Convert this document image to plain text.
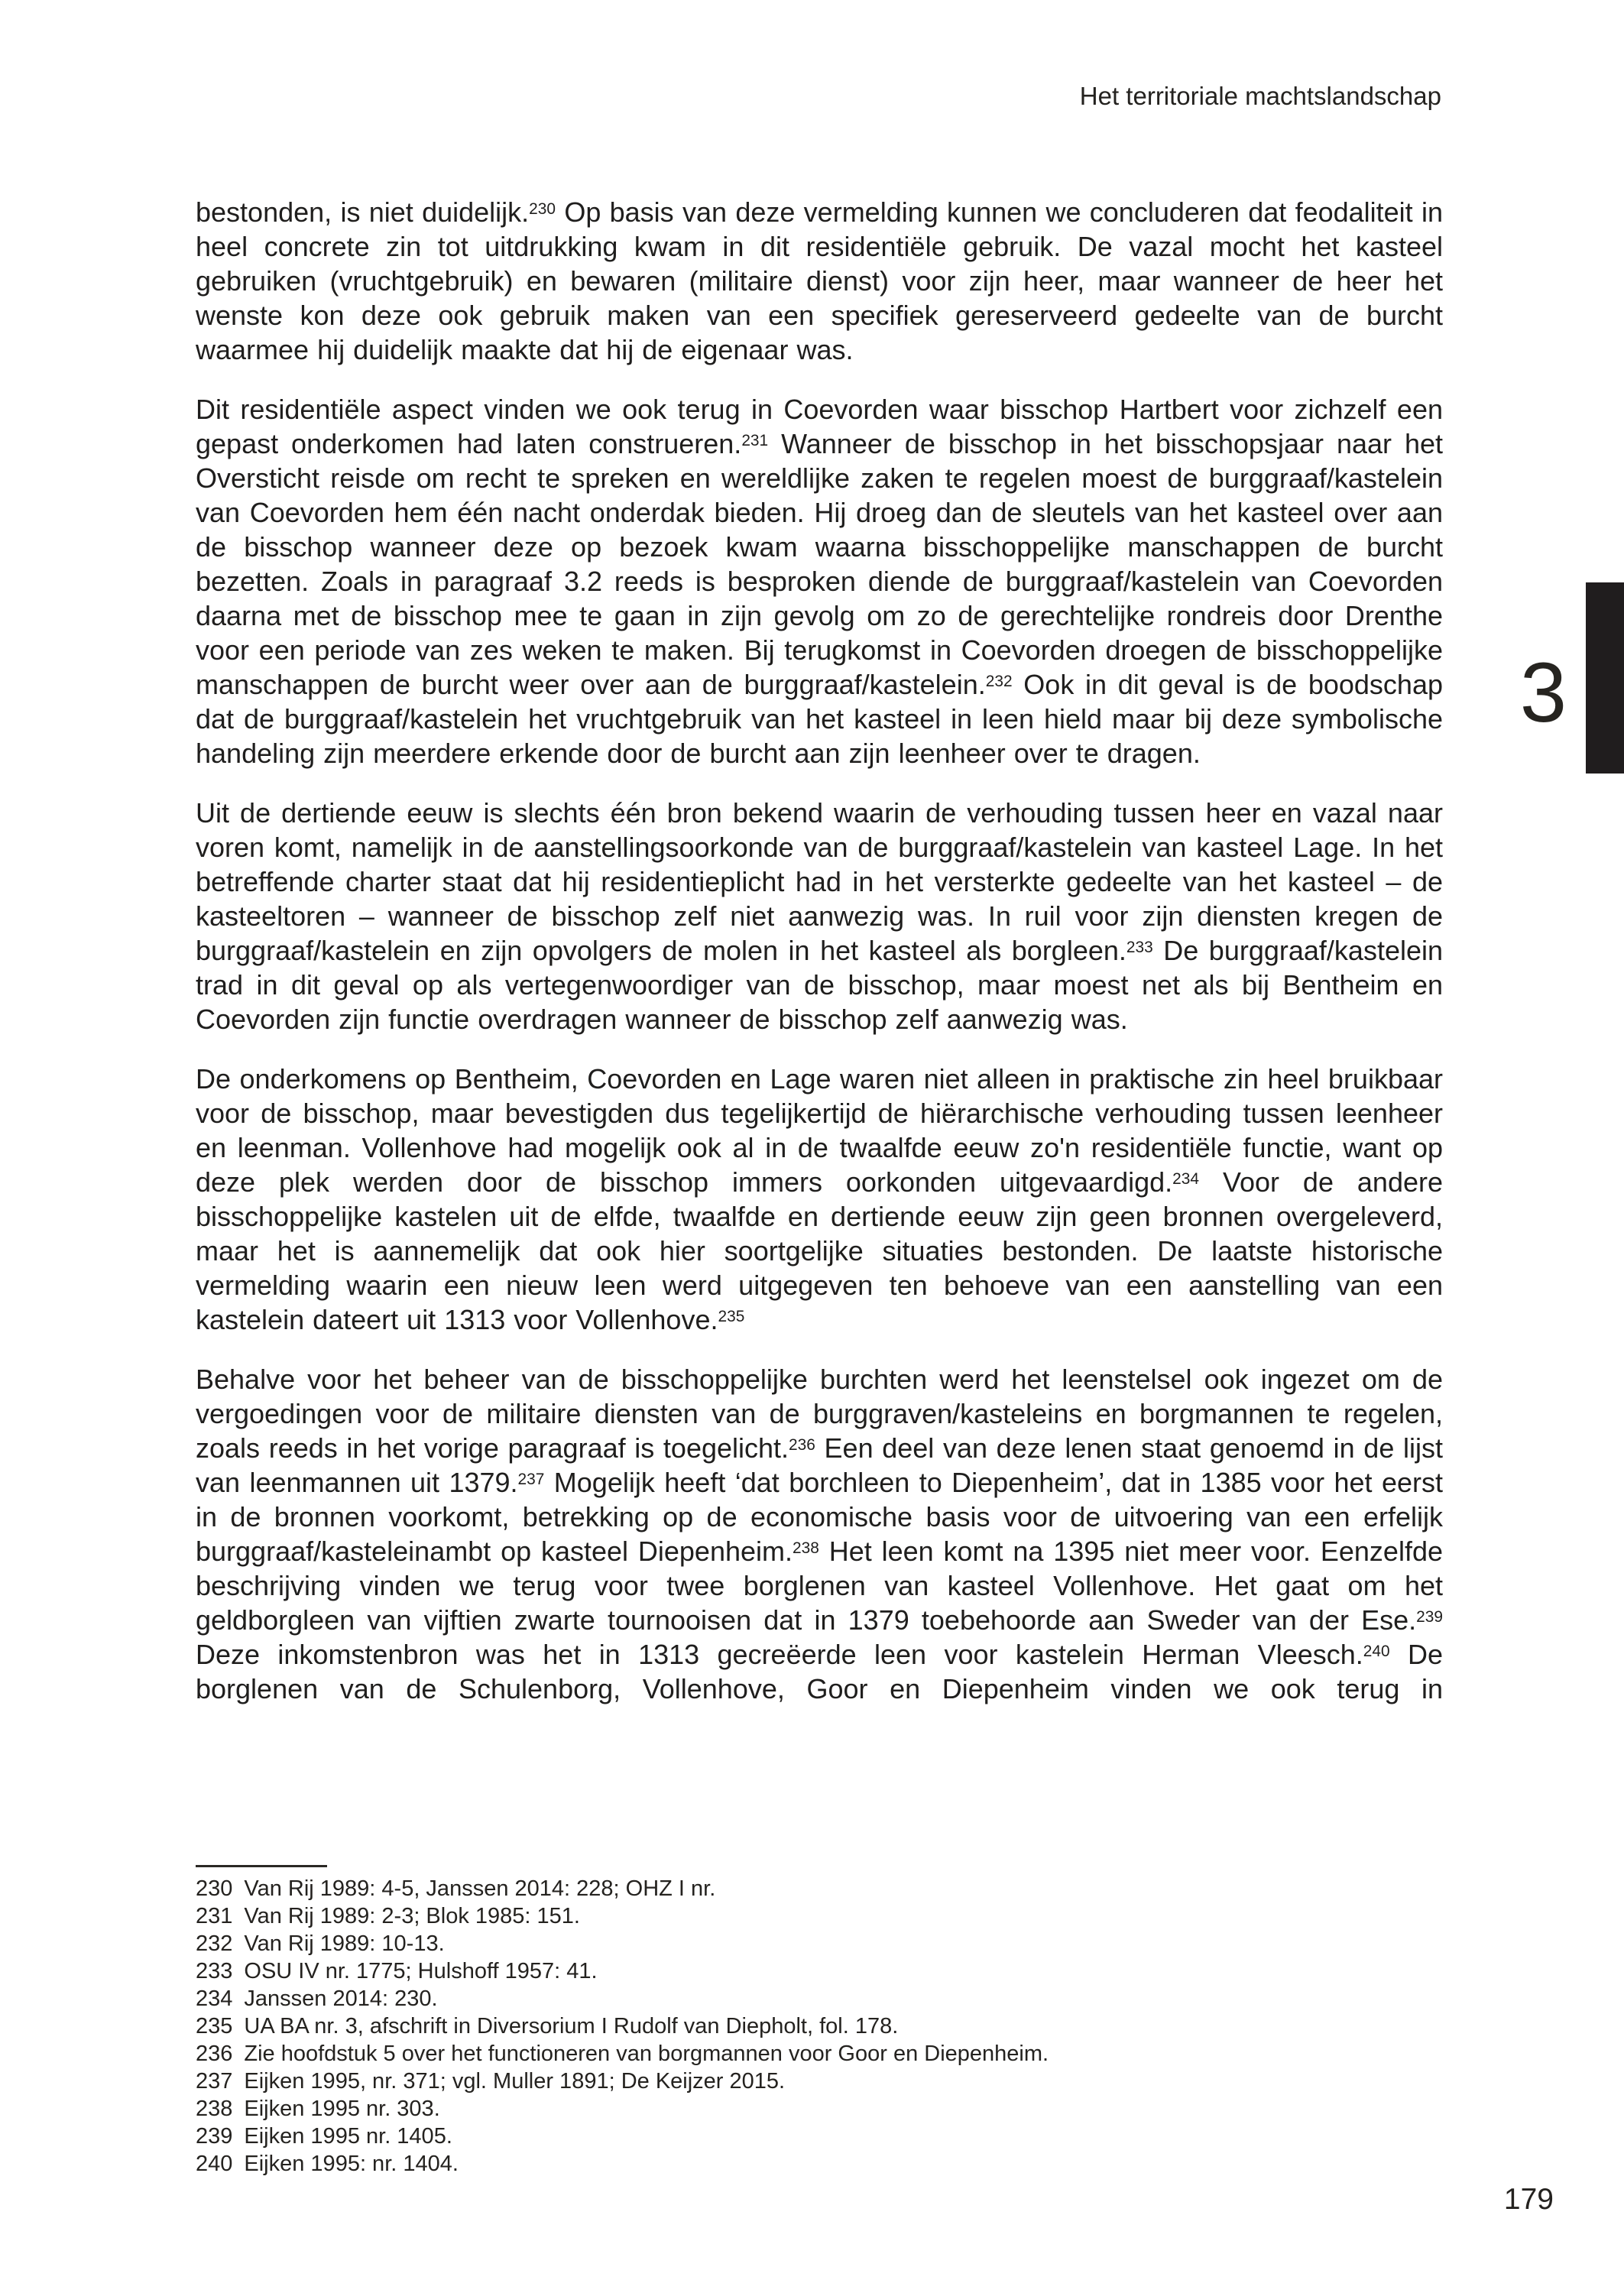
Het territoriale machtslandschap
3

bestonden, is niet duidelijk.$^{230}$ Op basis van deze vermelding kunnen we concluderen dat feodaliteit in heel concrete zin tot uitdrukking kwam in dit residentiële gebruik. De vazal mocht het kasteel gebruiken (vruchtgebruik) en bewaren (militaire dienst) voor zijn heer, maar wanneer de heer het wenste kon deze ook gebruik maken van een specifiek gereserveerd gedeelte van de burcht waarmee hij duidelijk maakte dat hij de eigenaar was.

Dit residentiële aspect vinden we ook terug in Coevorden waar bisschop Hartbert voor zichzelf een gepast onderkomen had laten construeren.$^{231}$ Wanneer de bisschop in het bisschopsjaar naar het Oversticht reisde om recht te spreken en wereldlijke zaken te regelen moest de burggraaf/kastelein van Coevorden hem één nacht onderdak bieden. Hij droeg dan de sleutels van het kasteel over aan de bisschop wanneer deze op bezoek kwam waarna bisschoppelijke manschappen de burcht bezetten. Zoals in paragraaf 3.2 reeds is besproken diende de burggraaf/kastelein van Coevorden daarna met de bisschop mee te gaan in zijn gevolg om zo de gerechtelijke rondreis door Drenthe voor een periode van zes weken te maken. Bij terugkomst in Coevorden droegen de bisschoppelijke manschappen de burcht weer over aan de burggraaf/kastelein.$^{232}$ Ook in dit geval is de boodschap dat de burggraaf/kastelein het vruchtgebruik van het kasteel in leen hield maar bij deze symbolische handeling zijn meerdere erkende door de burcht aan zijn leenheer over te dragen.

Uit de dertiende eeuw is slechts één bron bekend waarin de verhouding tussen heer en vazal naar voren komt, namelijk in de aanstellingsoorkonde van de burggraaf/kastelein van kasteel Lage. In het betreffende charter staat dat hij residentieplicht had in het versterkte gedeelte van het kasteel – de kasteeltoren – wanneer de bisschop zelf niet aanwezig was. In ruil voor zijn diensten kregen de burggraaf/kastelein en zijn opvolgers de molen in het kasteel als borgleen.$^{233}$ De burggraaf/kastelein trad in dit geval op als vertegenwoordiger van de bisschop, maar moest net als bij Bentheim en Coevorden zijn functie overdragen wanneer de bisschop zelf aanwezig was.

De onderkomens op Bentheim, Coevorden en Lage waren niet alleen in praktische zin heel bruikbaar voor de bisschop, maar bevestigden dus tegelijkertijd de hiërarchische verhouding tussen leenheer en leenman. Vollenhove had mogelijk ook al in de twaalfde eeuw zo'n residentiële functie, want op deze plek werden door de bisschop immers oorkonden uitgevaardigd.$^{234}$ Voor de andere bisschoppelijke kastelen uit de elfde, twaalfde en dertiende eeuw zijn geen bronnen overgeleverd, maar het is aannemelijk dat ook hier soortgelijke situaties bestonden. De laatste historische vermelding waarin een nieuw leen werd uitgegeven ten behoeve van een aanstelling van een kastelein dateert uit 1313 voor Vollenhove.$^{235}$

Behalve voor het beheer van de bisschoppelijke burchten werd het leenstelsel ook ingezet om de vergoedingen voor de militaire diensten van de burggraven/kasteleins en borgmannen te regelen, zoals reeds in het vorige paragraaf is toegelicht.$^{236}$ Een deel van deze lenen staat genoemd in de lijst van leenmannen uit 1379.$^{237}$ Mogelijk heeft ‘dat borchleen to Diepenheim’, dat in 1385 voor het eerst in de bronnen voorkomt, betrekking op de economische basis voor de uitvoering van een erfelijk burggraaf/kasteleinambt op kasteel Diepenheim.$^{238}$ Het leen komt na 1395 niet meer voor. Eenzelfde beschrijving vinden we terug voor twee borglenen van kasteel Vollenhove. Het gaat om het geldborgleen van vijftien zwarte tournooisen dat in 1379 toebehoorde aan Sweder van der Ese.$^{239}$ Deze inkomstenbron was het in 1313 gecreëerde leen voor kastelein Herman Vleesch.$^{240}$ De borglenen van de Schulenborg, Vollenhove, Goor en Diepenheim vinden we ook terug in

230 Van Rij 1989: 4-5, Janssen 2014: 228; OHZ I nr.
231 Van Rij 1989: 2-3; Blok 1985: 151.
232 Van Rij 1989: 10-13.
233 OSU IV nr. 1775; Hulshoff 1957: 41.
234 Janssen 2014: 230.
235 UA BA nr. 3, afschrift in Diversorium I Rudolf van Diepholt, fol. 178.
236 Zie hoofdstuk 5 over het functioneren van borgmannen voor Goor en Diepenheim.
237 Eijken 1995, nr. 371; vgl. Muller 1891; De Keijzer 2015.
238 Eijken 1995 nr. 303.
239 Eijken 1995 nr. 1405.
240 Eijken 1995: nr. 1404.
179
